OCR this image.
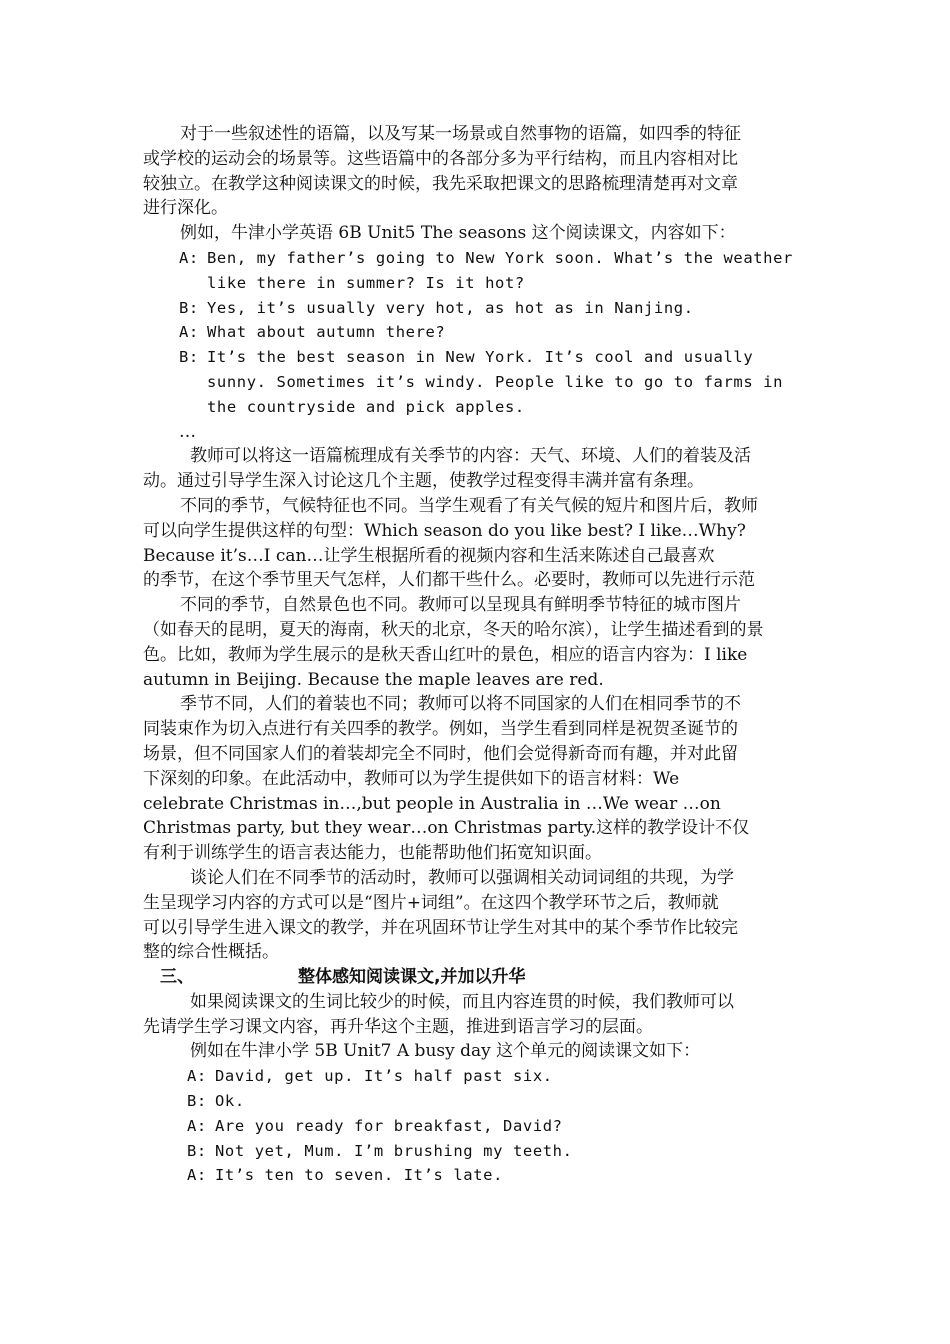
对于一些叙述性的语篇，以及写某一场景或自然事物的语篇，如四季的特征
或学校的运动会的场景等。这些语篇中的各部分多为平行结构，而且内容相对比
较独立。在教学这种阅读课文的时候，我先采取把课文的思路梳理清楚再对文章
进行深化。
例如，牛津小学英语 6B Unit5 The seasons 这个阅读课文，内容如下：
A: Ben, my father’s going to New York soon. What’s the weather
like there in summer? Is it hot?
B: Yes, it’s usually very hot, as hot as in Nanjing.
A: What about autumn there?
B: It’s the best season in New York. It’s cool and usually
sunny. Sometimes it’s windy. People like to go to farms in
the countryside and pick apples.
…
教师可以将这一语篇梳理成有关季节的内容：天气、环境、人们的着装及活
动。通过引导学生深入讨论这几个主题，使教学过程变得丰满并富有条理。
不同的季节，气候特征也不同。当学生观看了有关气候的短片和图片后，教师
可以向学生提供这样的句型：Which season do you like best? I like…Why?
Because it’s…I can…让学生根据所看的视频内容和生活来陈述自己最喜欢
的季节，在这个季节里天气怎样，人们都干些什么。必要时，教师可以先进行示范
不同的季节，自然景色也不同。教师可以呈现具有鲜明季节特征的城市图片
（如春天的昆明，夏天的海南，秋天的北京，冬天的哈尔滨），让学生描述看到的景
色。比如，教师为学生展示的是秋天香山红叶的景色，相应的语言内容为：I like
autumn in Beijing. Because the maple leaves are red.
季节不同，人们的着装也不同；教师可以将不同国家的人们在相同季节的不
同装束作为切入点进行有关四季的教学。例如，当学生看到同样是祝贺圣诞节的
场景，但不同国家人们的着装却完全不同时，他们会觉得新奇而有趣，并对此留
下深刻的印象。在此活动中，教师可以为学生提供如下的语言材料：We
celebrate Christmas in…,but people in Australia in …We wear …on
Christmas party, but they wear…on Christmas party.这样的教学设计不仅
有利于训练学生的语言表达能力，也能帮助他们拓宽知识面。
谈论人们在不同季节的活动时，教师可以强调相关动词词组的共现，为学
生呈现学习内容的方式可以是“图片+词组”。在这四个教学环节之后，教师就
可以引导学生进入课文的教学，并在巩固环节让学生对其中的某个季节作比较完
整的综合性概括。
三、	整体感知阅读课文,并加以升华
如果阅读课文的生词比较少的时候，而且内容连贯的时候，我们教师可以
先请学生学习课文内容，再升华这个主题，推进到语言学习的层面。
例如在牛津小学 5B Unit7 A busy day 这个单元的阅读课文如下：
A: David, get up. It’s half past six.
B: Ok.
A: Are you ready for breakfast, David?
B: Not yet, Mum. I’m brushing my teeth.
A: It’s ten to seven. It’s late.
